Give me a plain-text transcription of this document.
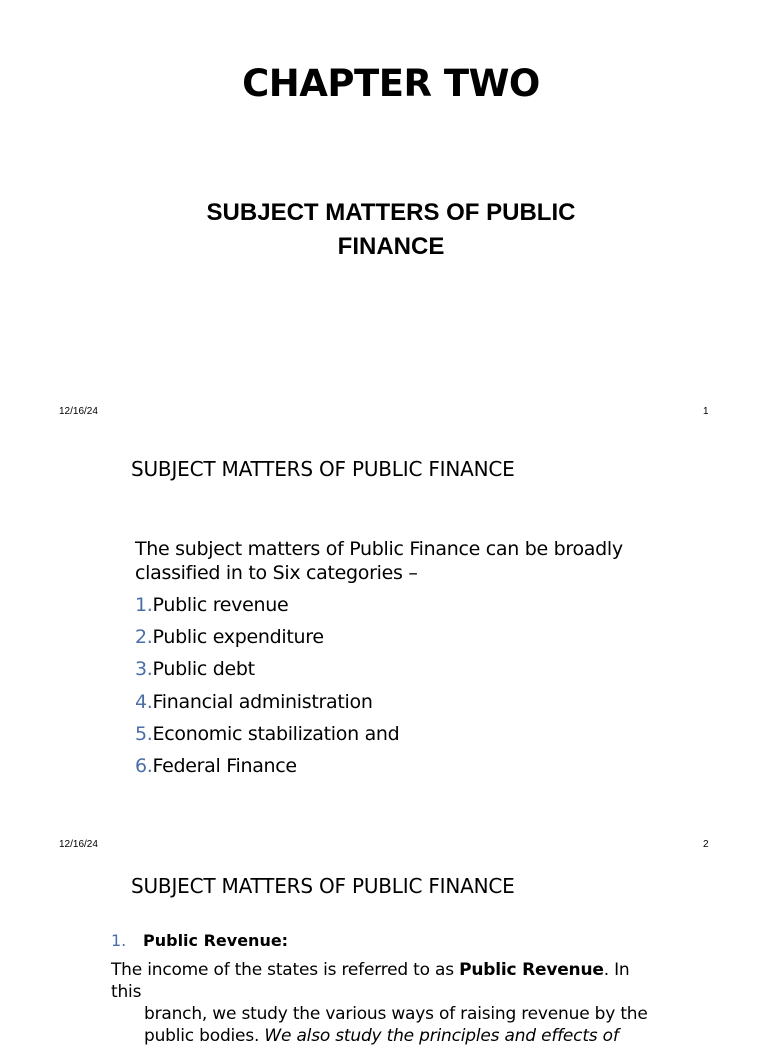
CHAPTER TWO
SUBJECT MATTERS OF PUBLIC
FINANCE
12/16/24	1
SUBJECT MATTERS OF PUBLIC FINANCE
The subject matters of Public Finance can be broadly classified in to Six categories –
1.Public revenue
2.Public expenditure
3.Public debt
4.Financial administration
5.Economic stabilization and
6.Federal Finance
12/16/24	2
SUBJECT MATTERS OF PUBLIC FINANCE
1. Public Revenue:
The income of the states is referred to as Public Revenue. In this
branch, we study the various ways of raising revenue by the
public bodies. We also study the principles and effects of
